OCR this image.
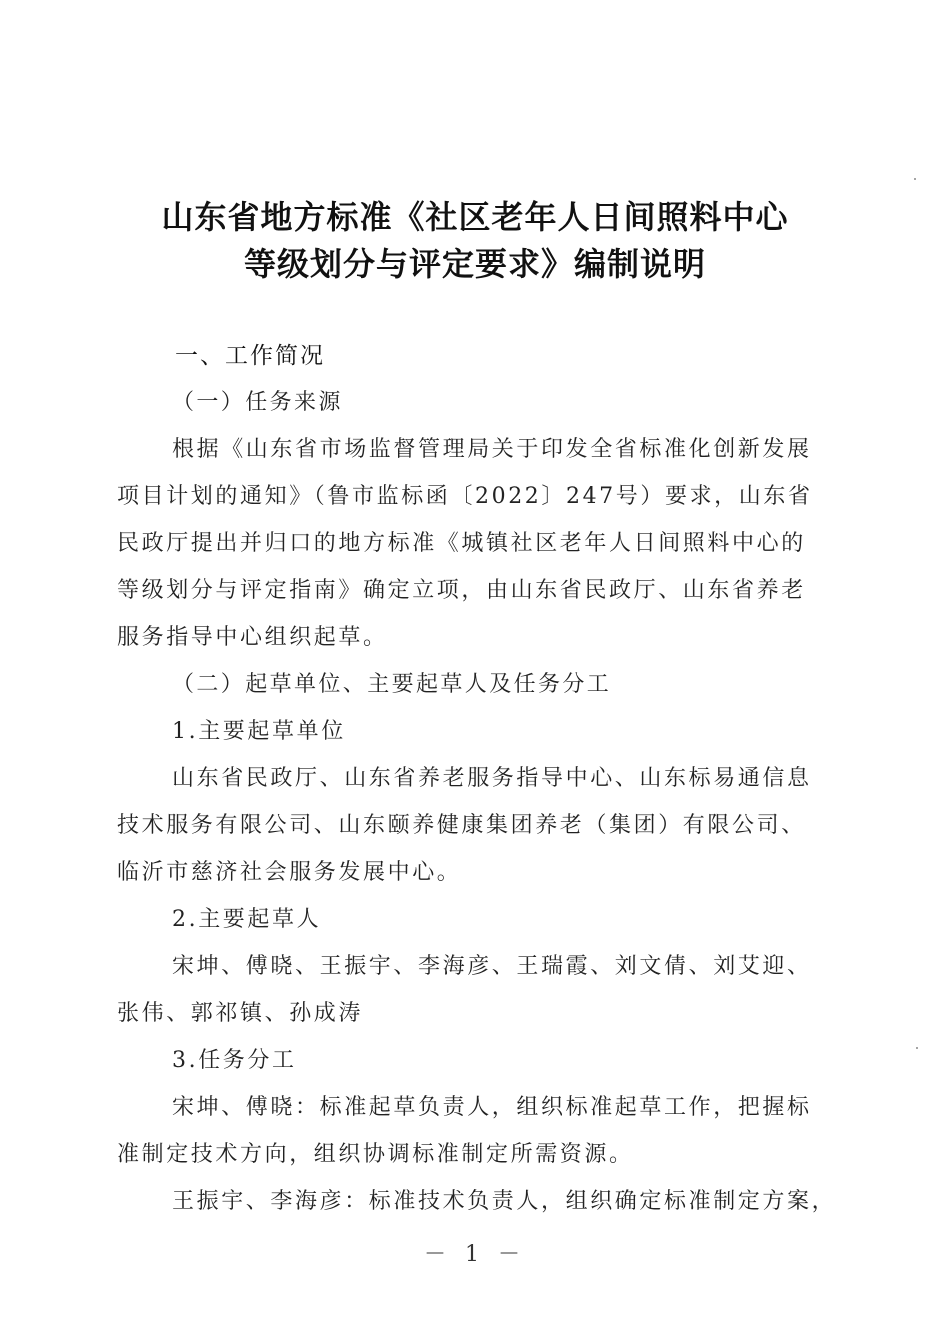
山东省地方标准《社区老年人日间照料中心
等级划分与评定要求》编制说明
一、工作简况
（一）任务来源
根据《山东省市场监督管理局关于印发全省标准化创新发展
项目计划的通知》（鲁市监标函〔2022〕247号）要求，山东省
民政厅提出并归口的地方标准《城镇社区老年人日间照料中心的
等级划分与评定指南》确定立项，由山东省民政厅、山东省养老
服务指导中心组织起草。
（二）起草单位、主要起草人及任务分工
1.主要起草单位
山东省民政厅、山东省养老服务指导中心、山东标易通信息
技术服务有限公司、山东颐养健康集团养老（集团）有限公司、
临沂市慈济社会服务发展中心。
2.主要起草人
宋坤、傅晓、王振宇、李海彦、王瑞霞、刘文倩、刘艾迎、
张伟、郭祁镇、孙成涛
3.任务分工
宋坤、傅晓：标准起草负责人，组织标准起草工作，把握标
准制定技术方向，组织协调标准制定所需资源。
王振宇、李海彦：标准技术负责人，组织确定标准制定方案，
－ 1 －
